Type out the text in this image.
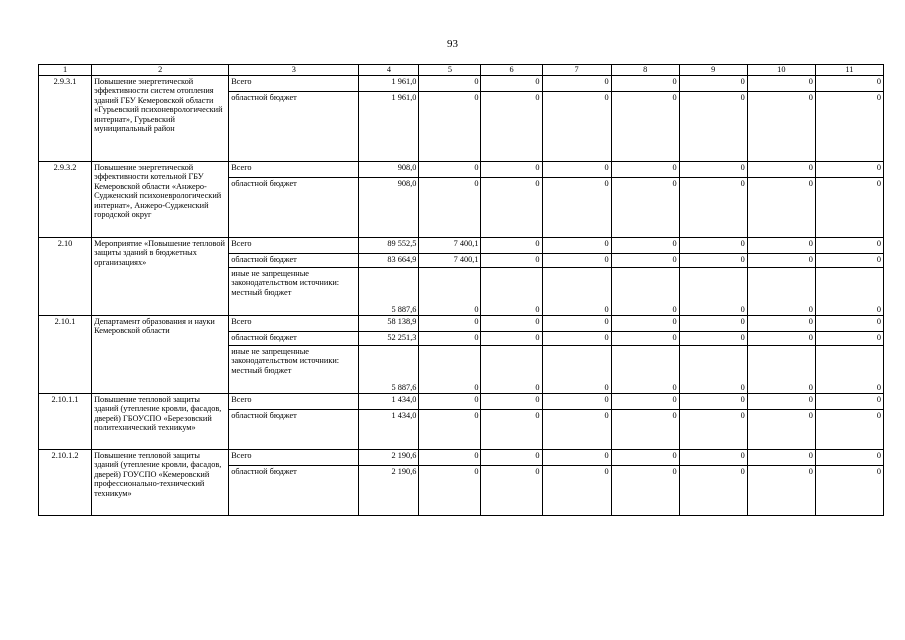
93
1	2	3	4	5	6	7	8	9	10	11
2.9.3.1	Повышение энергетической эффективности систем отопления зданий ГБУ Кемеровской области «Гурьевский психоневрологический интернат», Гурьевский муниципальный район	Всего	1 961,0	0	0	0	0	0	0	0

		областной бюджет	1 961,0	0	0	0	0	0	0	0
2.9.3.2	Повышение энергетической эффективности котельной ГБУ Кемеровской области «Анжеро-Судженский психоневрологический интернат», Анжеро-Судженский городской округ	Всего	908,0	0	0	0	0	0	0	0

		областной бюджет	908,0	0	0	0	0	0	0	0
2.10	Мероприятие «Повышение тепловой защиты зданий в бюджетных организациях»	Всего	89 552,5	7 400,1	0	0	0	0	0	0

		областной бюджет	83 664,9	7 400,1	0	0	0	0	0	0

		иные не запрещенные законодательством источники:
местный бюджет	5 887,6	0	0	0	0	0	0	0
2.10.1	Департамент образования и науки Кемеровской области	Всего	58 138,9	0	0	0	0	0	0	0

		областной бюджет	52 251,3	0	0	0	0	0	0	0

		иные не запрещенные законодательством источники:
местный бюджет	5 887,6	0	0	0	0	0	0	0
2.10.1.1	Повышение тепловой защиты зданий (утепление кровли, фасадов, дверей) ГБОУСПО «Березовский политехнический техникум»	Всего	1 434,0	0	0	0	0	0	0	0

		областной бюджет	1 434,0	0	0	0	0	0	0	0
2.10.1.2	Повышение тепловой защиты зданий (утепление кровли, фасадов, дверей) ГОУСПО «Кемеровский профессионально-технический техникум»	Всего	2 190,6	0	0	0	0	0	0	0

		областной бюджет	2 190,6	0	0	0	0	0	0	0
